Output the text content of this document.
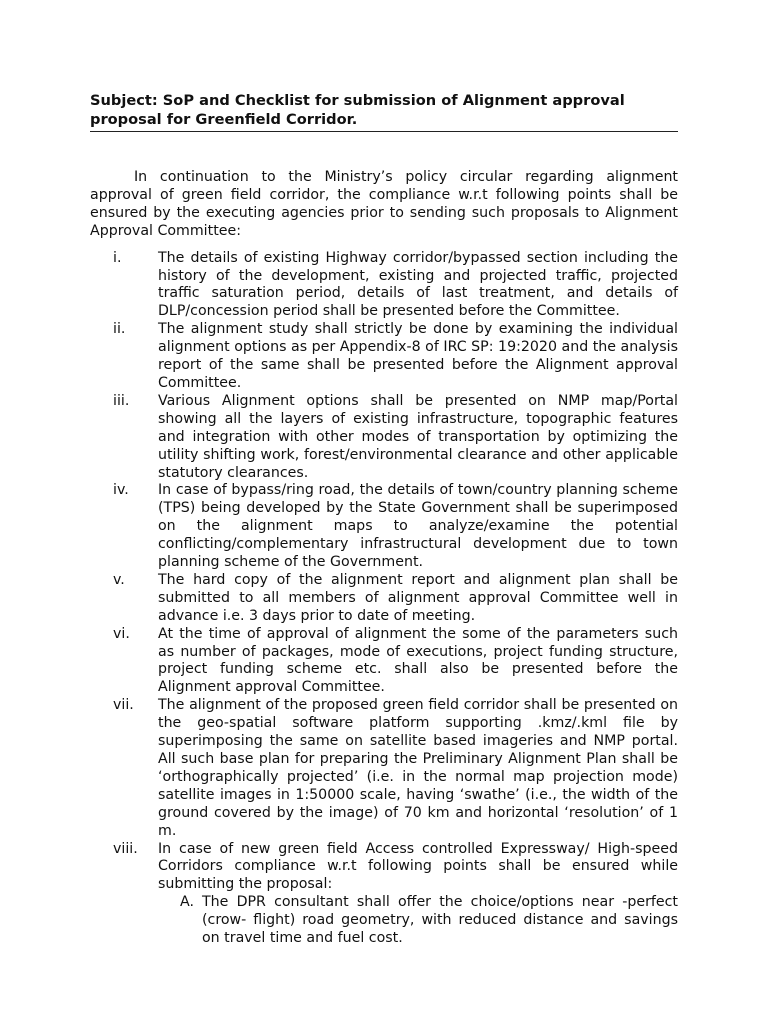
Subject: SoP and Checklist for submission of Alignment approval proposal for Greenfield Corridor.

In continuation to the Ministry’s policy circular regarding alignment approval of green field corridor, the compliance w.r.t following points shall be ensured by the executing agencies prior to sending such proposals to Alignment Approval Committee:

i.	The details of existing Highway corridor/bypassed section including the history of the development, existing and projected traffic, projected traffic saturation period, details of last treatment, and details of DLP/concession period shall be presented before the Committee.
ii.	The alignment study shall strictly be done by examining the individual alignment options as per Appendix-8 of IRC SP: 19:2020 and the analysis report of the same shall be presented before the Alignment approval Committee.
iii.	Various Alignment options shall be presented on NMP map/Portal showing all the layers of existing infrastructure, topographic features and integration with other modes of transportation by optimizing the utility shifting work, forest/environmental clearance and other applicable statutory clearances.
iv.	In case of bypass/ring road, the details of town/country planning scheme (TPS) being developed by the State Government shall be superimposed on the alignment maps to analyze/examine the potential conflicting/complementary infrastructural development due to town planning scheme of the Government.
v.	The hard copy of the alignment report and alignment plan shall be submitted to all members of alignment approval Committee well in advance i.e. 3 days prior to date of meeting.
vi.	At the time of approval of alignment the some of the parameters such as number of packages, mode of executions, project funding structure, project funding scheme etc. shall also be presented before the Alignment approval Committee.
vii.	The alignment of the proposed green field corridor shall be presented on the geo-spatial software platform supporting .kmz/.kml file by superimposing the same on satellite based imageries and NMP portal. All such base plan for preparing the Preliminary Alignment Plan shall be ‘orthographically projected’ (i.e. in the normal map projection mode) satellite images in 1:50000 scale, having ‘swathe’ (i.e., the width of the ground covered by the image) of 70 km and horizontal ‘resolution’ of 1 m.
viii.	In case of new green field Access controlled Expressway/ High-speed Corridors compliance w.r.t following points shall be ensured while submitting the proposal:
A. The DPR consultant shall offer the choice/options near -perfect (crow- flight) road geometry, with reduced distance and savings on travel time and fuel cost.
